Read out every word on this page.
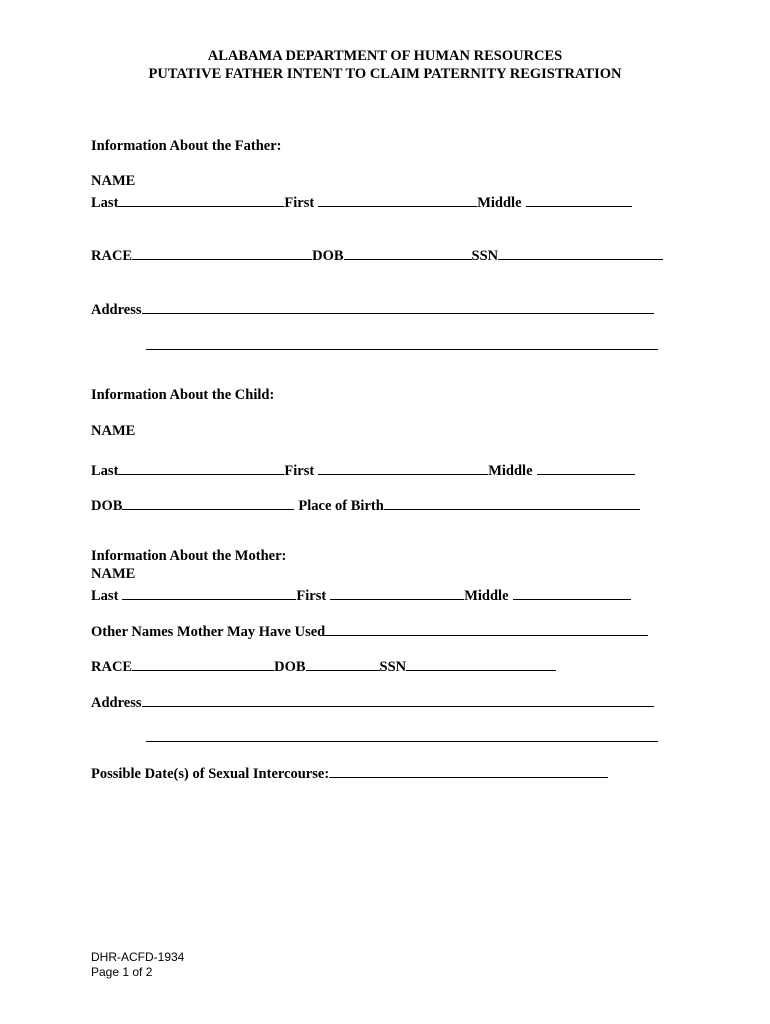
ALABAMA DEPARTMENT OF HUMAN RESOURCES
PUTATIVE FATHER INTENT TO CLAIM PATERNITY REGISTRATION
Information About the Father:
NAME
Last	First	Middle
RACE	DOB	SSN
Address
Information About the Child:
NAME
Last	First	Middle
DOB	Place of Birth
Information About the Mother:
NAME
Last	First	Middle
Other Names Mother May Have Used
RACE	DOB	SSN
Address
Possible Date(s) of Sexual Intercourse:
DHR-ACFD-1934
Page 1 of 2
